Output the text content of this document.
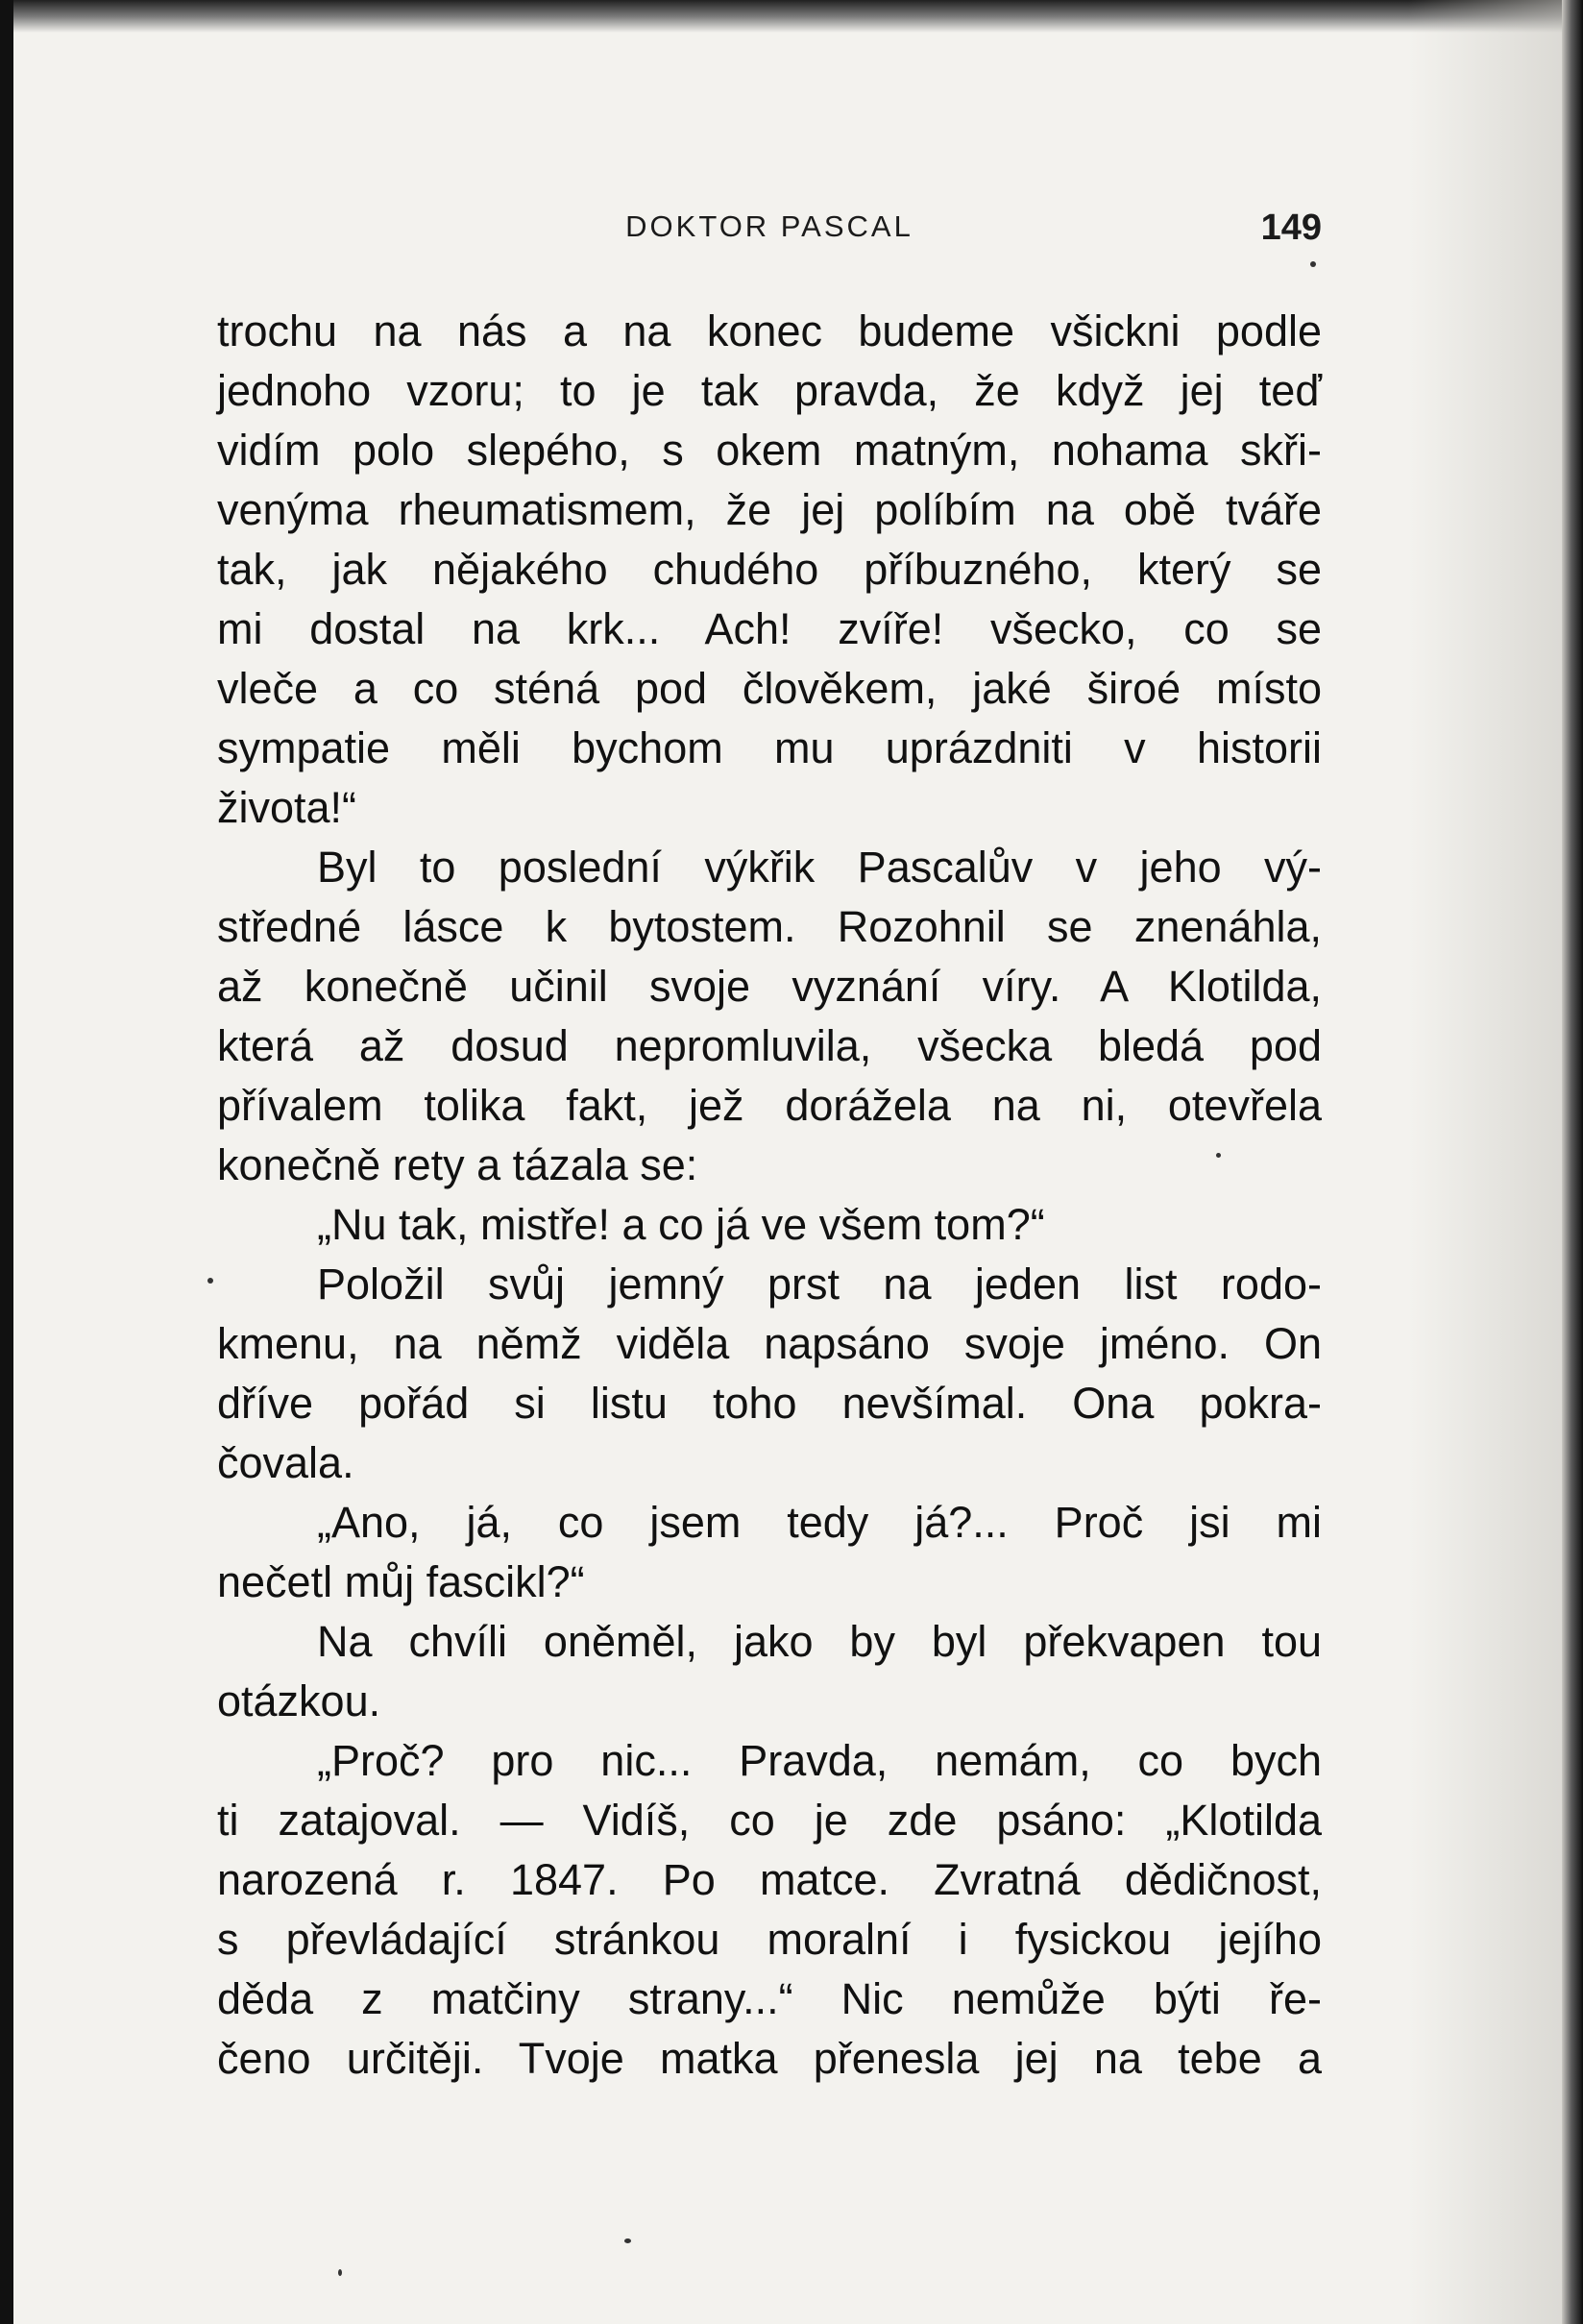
DOKTOR PASCAL	149
trochu na nás a na konec budeme všickni podle
jednoho vzoru; to je tak pravda, že když jej teď
vidím polo slepého, s okem matným, nohama skři-
venýma rheumatismem, že jej políbím na obě tváře
tak, jak nějakého chudého příbuzného, který se
mi dostal na krk... Ach! zvíře! všecko, co se
vleče a co sténá pod člověkem, jaké široé místo
sympatie měli bychom mu uprázdniti v historii
života!“
Byl to poslední výkřik Pascalův v jeho vý-
středné lásce k bytostem. Rozohnil se znenáhla,
až konečně učinil svoje vyznání víry. A Klotilda,
která až dosud nepromluvila, všecka bledá pod
přívalem tolika fakt, jež dorážela na ni, otevřela
konečně rety a tázala se:
„Nu tak, mistře! a co já ve všem tom?“
Položil svůj jemný prst na jeden list rodo-
kmenu, na němž viděla napsáno svoje jméno. On
dříve pořád si listu toho nevšímal. Ona pokra-
čovala.
„Ano, já, co jsem tedy já?... Proč jsi mi
nečetl můj fascikl?“
Na chvíli oněměl, jako by byl překvapen tou
otázkou.
„Proč? pro nic... Pravda, nemám, co bych
ti zatajoval. — Vidíš, co je zde psáno: „Klotilda
narozená r. 1847. Po matce. Zvratná dědičnost,
s převládající stránkou moralní i fysickou jejího
děda z matčiny strany...“ Nic nemůže býti ře-
čeno určitěji. Tvoje matka přenesla jej na tebe a
